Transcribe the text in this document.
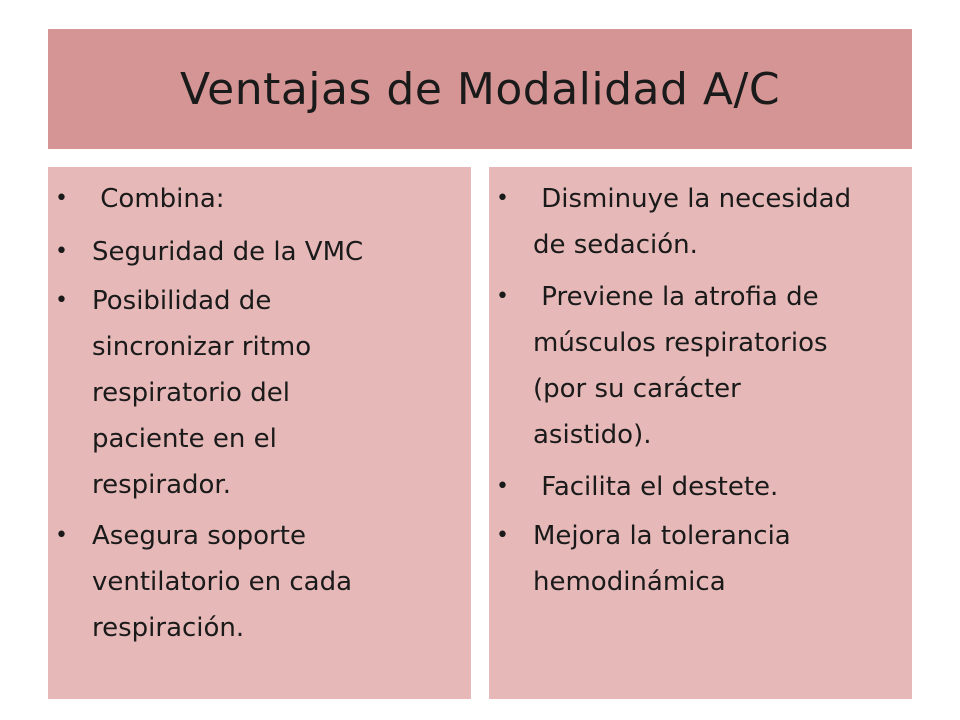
Ventajas de Modalidad A/C
• Combina:
• Seguridad de la VMC
• Posibilidad de
sincronizar ritmo
respiratorio del
paciente en el
respirador.
• Asegura soporte
ventilatorio en cada
respiración.
• Disminuye la necesidad
de sedación.
• Previene la atrofia de
músculos respiratorios
(por su carácter
asistido).
• Facilita el destete.
• Mejora la tolerancia
hemodinámica
